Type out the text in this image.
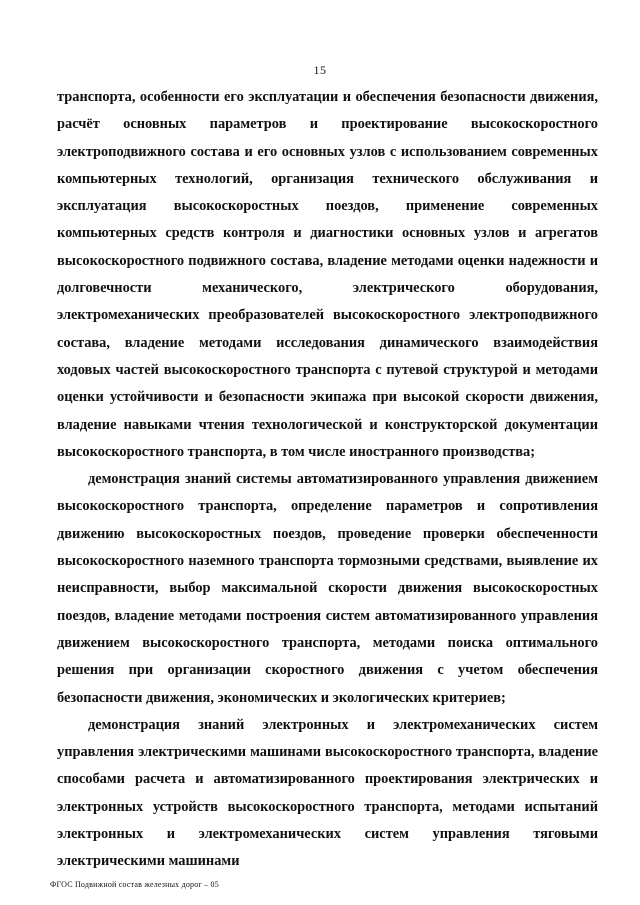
15

транспорта, особенности его эксплуатации и обеспечения безопасности движения, расчёт основных параметров и проектирование высокоскоростного электроподвижного состава и его основных узлов с использованием современных компьютерных технологий, организация технического обслуживания и эксплуатация высокоскоростных поездов, применение современных компьютерных средств контроля и диагностики основных узлов и агрегатов высокоскоростного подвижного состава, владение методами оценки надежности и долговечности механического, электрического оборудования, электромеханических преобразователей высокоскоростного электроподвижного состава, владение методами исследования динамического взаимодействия ходовых частей высокоскоростного транспорта с путевой структурой и методами оценки устойчивости и безопасности экипажа при высокой скорости движения, владение навыками чтения технологической и конструкторской документации высокоскоростного транспорта, в том числе иностранного производства;

демонстрация знаний системы автоматизированного управления движением высокоскоростного транспорта, определение параметров и сопротивления движению высокоскоростных поездов, проведение проверки обеспеченности высокоскоростного наземного транспорта тормозными средствами, выявление их неисправности, выбор максимальной скорости движения высокоскоростных поездов, владение методами построения систем автоматизированного управления движением высокоскоростного транспорта, методами поиска оптимального решения при организации скоростного движения с учетом обеспечения безопасности движения, экономических и экологических критериев;

демонстрация знаний электронных и электромеханических систем управления электрическими машинами высокоскоростного транспорта, владение способами расчета и автоматизированного проектирования электрических и электронных устройств высокоскоростного транспорта, методами испытаний электронных и электромеханических систем управления тяговыми электрическими машинами

ФГОС Подвижной состав железных дорог – 05
